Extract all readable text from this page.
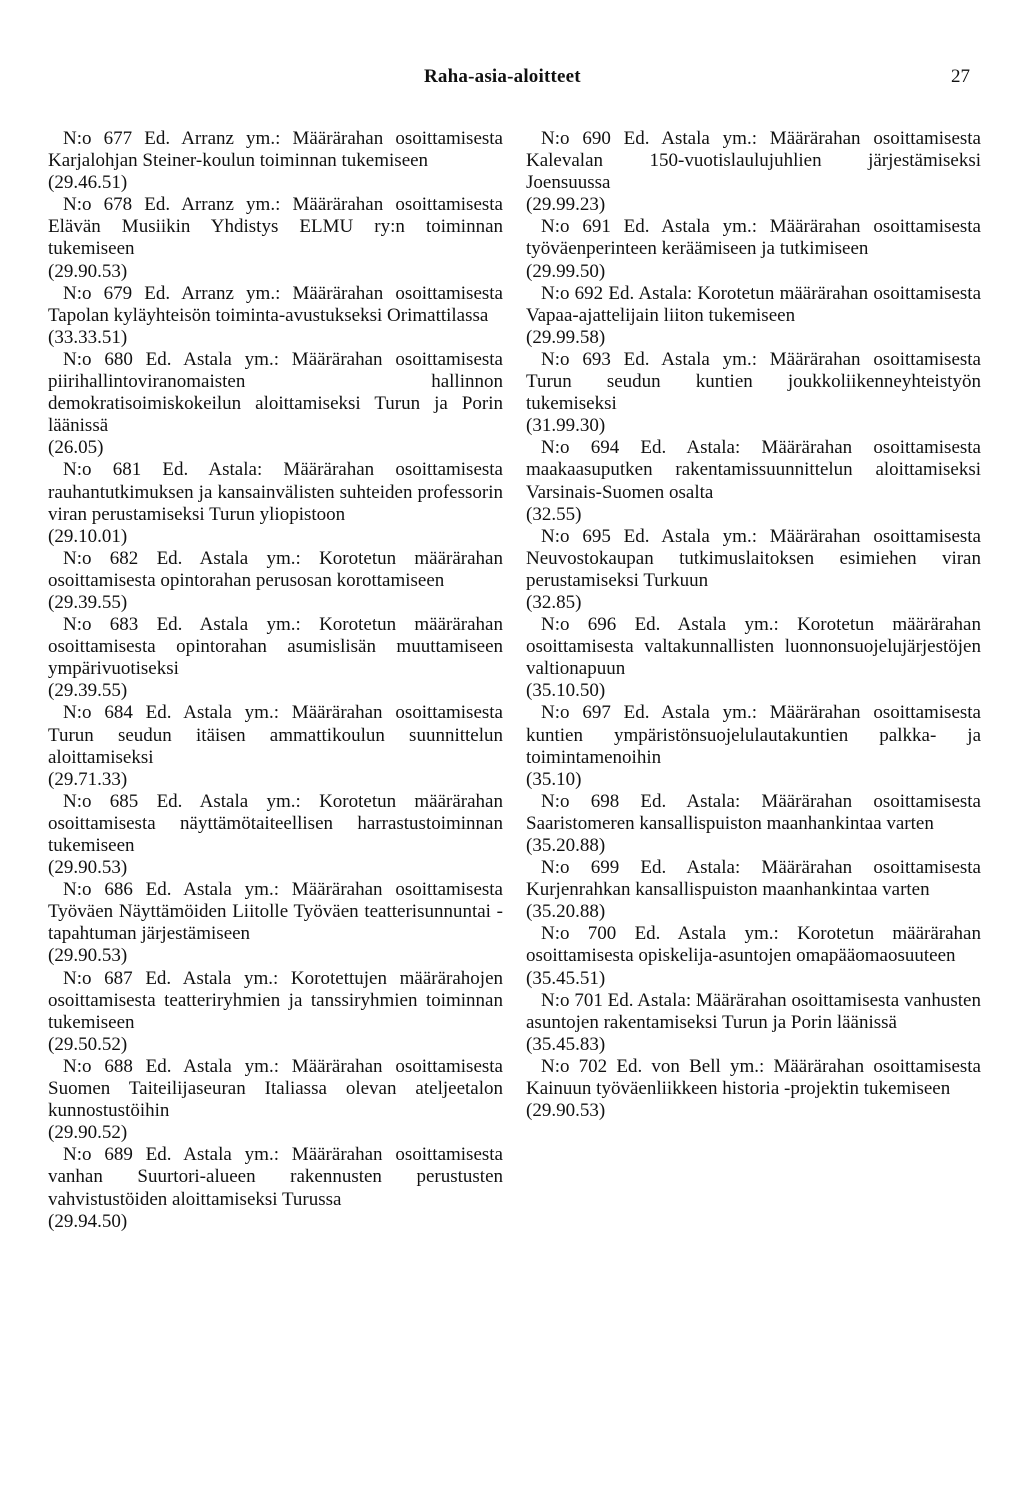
Raha-asia-aloitteet	27
N:o 677 Ed. Arranz ym.: Määrärahan osoittamisesta Karjalohjan Steiner-koulun toiminnan tukemiseen
(29.46.51)
N:o 678 Ed. Arranz ym.: Määrärahan osoittamisesta Elävän Musiikin Yhdistys ELMU ry:n toiminnan tukemiseen
(29.90.53)
N:o 679 Ed. Arranz ym.: Määrärahan osoittamisesta Tapolan kyläyhteisön toiminta-avustukseksi Orimattilassa
(33.33.51)
N:o 680 Ed. Astala ym.: Määrärahan osoittamisesta piirihallintoviranomaisten hallinnon demokratisoimiskokeilun aloittamiseksi Turun ja Porin läänissä
(26.05)
N:o 681 Ed. Astala: Määrärahan osoittamisesta rauhantutkimuksen ja kansainvälisten suhteiden professorin viran perustamiseksi Turun yliopistoon
(29.10.01)
N:o 682 Ed. Astala ym.: Korotetun määrärahan osoittamisesta opintorahan perusosan korottamiseen
(29.39.55)
N:o 683 Ed. Astala ym.: Korotetun määrärahan osoittamisesta opintorahan asumislisän muuttamiseen ympärivuotiseksi
(29.39.55)
N:o 684 Ed. Astala ym.: Määrärahan osoittamisesta Turun seudun itäisen ammattikoulun suunnittelun aloittamiseksi
(29.71.33)
N:o 685 Ed. Astala ym.: Korotetun määrärahan osoittamisesta näyttämötaiteellisen harrastustoiminnan tukemiseen
(29.90.53)
N:o 686 Ed. Astala ym.: Määrärahan osoittamisesta Työväen Näyttämöiden Liitolle Työväen teatterisunnuntai -tapahtuman järjestämiseen
(29.90.53)
N:o 687 Ed. Astala ym.: Korotettujen määrärahojen osoittamisesta teatteriryhmien ja tanssiryhmien toiminnan tukemiseen
(29.50.52)
N:o 688 Ed. Astala ym.: Määrärahan osoittamisesta Suomen Taiteilijaseuran Italiassa olevan ateljeetalon kunnostustöihin
(29.90.52)
N:o 689 Ed. Astala ym.: Määrärahan osoittamisesta vanhan Suurtori-alueen rakennusten perustusten vahvistustöiden aloittamiseksi Turussa
(29.94.50)
N:o 690 Ed. Astala ym.: Määrärahan osoittamisesta Kalevalan 150-vuotislaulujuhlien järjestämiseksi Joensuussa
(29.99.23)
N:o 691 Ed. Astala ym.: Määrärahan osoittamisesta työväenperinteen keräämiseen ja tutkimiseen
(29.99.50)
N:o 692 Ed. Astala: Korotetun määrärahan osoittamisesta Vapaa-ajattelijain liiton tukemiseen
(29.99.58)
N:o 693 Ed. Astala ym.: Määrärahan osoittamisesta Turun seudun kuntien joukkoliikenneyhteistyön tukemiseksi
(31.99.30)
N:o 694 Ed. Astala: Määrärahan osoittamisesta maakaasuputken rakentamissuunnittelun aloittamiseksi Varsinais-Suomen osalta
(32.55)
N:o 695 Ed. Astala ym.: Määrärahan osoittamisesta Neuvostokaupan tutkimuslaitoksen esimiehen viran perustamiseksi Turkuun
(32.85)
N:o 696 Ed. Astala ym.: Korotetun määrärahan osoittamisesta valtakunnallisten luonnonsuojelujärjestöjen valtionapuun
(35.10.50)
N:o 697 Ed. Astala ym.: Määrärahan osoittamisesta kuntien ympäristönsuojelulautakuntien palkka- ja toimintamenoihin
(35.10)
N:o 698 Ed. Astala: Määrärahan osoittamisesta Saaristomeren kansallispuiston maanhankintaa varten
(35.20.88)
N:o 699 Ed. Astala: Määrärahan osoittamisesta Kurjenrahkan kansallispuiston maanhankintaa varten
(35.20.88)
N:o 700 Ed. Astala ym.: Korotetun määrärahan osoittamisesta opiskelija-asuntojen omapääomaosuuteen
(35.45.51)
N:o 701 Ed. Astala: Määrärahan osoittamisesta vanhusten asuntojen rakentamiseksi Turun ja Porin läänissä
(35.45.83)
N:o 702 Ed. von Bell ym.: Määrärahan osoittamisesta Kainuun työväenliikkeen historia -projektin tukemiseen
(29.90.53)
